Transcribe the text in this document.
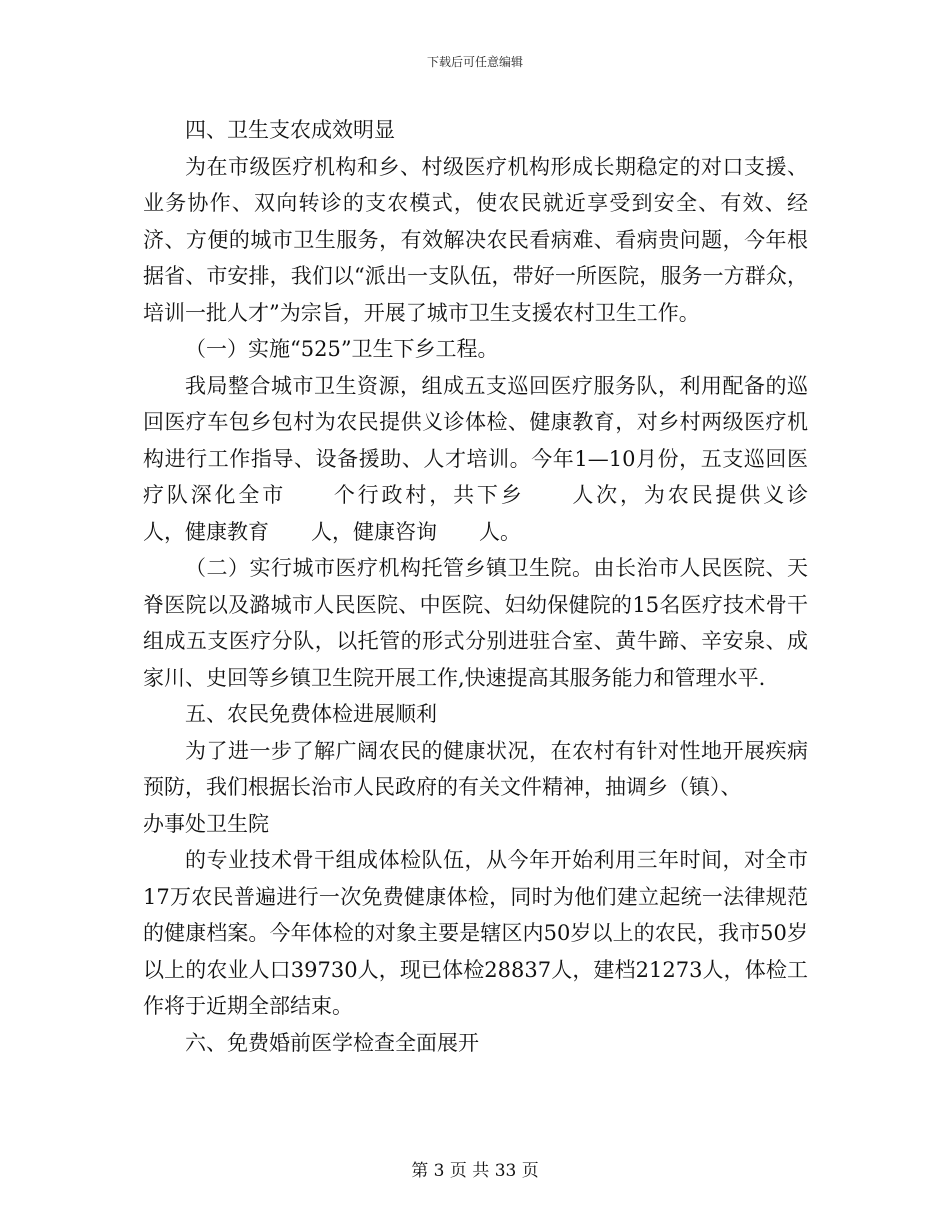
下载后可任意编辑

四、卫生支农成效明显

为在市级医疗机构和乡、村级医疗机构形成长期稳定的对口支援、业务协作、双向转诊的支农模式，使农民就近享受到安全、有效、经济、方便的城市卫生服务，有效解决农民看病难、看病贵问题，今年根据省、市安排，我们以“派出一支队伍，带好一所医院，服务一方群众，培训一批人才”为宗旨，开展了城市卫生支援农村卫生工作。

（一）实施“525”卫生下乡工程。

我局整合城市卫生资源，组成五支巡回医疗服务队，利用配备的巡回医疗车包乡包村为农民提供义诊体检、健康教育，对乡村两级医疗机构进行工作指导、设备援助、人才培训。今年1—10月份，五支巡回医疗队深化全市　　个行政村，共下乡　　人次，为农民提供义诊　　人，健康教育　　人，健康咨询　　人。

（二）实行城市医疗机构托管乡镇卫生院。由长治市人民医院、天脊医院以及潞城市人民医院、中医院、妇幼保健院的15名医疗技术骨干组成五支医疗分队，以托管的形式分别进驻合室、黄牛蹄、辛安泉、成家川、史回等乡镇卫生院开展工作,快速提高其服务能力和管理水平.

五、农民免费体检进展顺利

为了进一步了解广阔农民的健康状况，在农村有针对性地开展疾病预防，我们根据长治市人民政府的有关文件精神，抽调乡（镇）、

办事处卫生院

的专业技术骨干组成体检队伍，从今年开始利用三年时间，对全市17万农民普遍进行一次免费健康体检，同时为他们建立起统一法律规范的健康档案。今年体检的对象主要是辖区内50岁以上的农民，我市50岁以上的农业人口39730人，现已体检28837人，建档21273人，体检工作将于近期全部结束。

六、免费婚前医学检查全面展开

第 3 页 共 33 页
